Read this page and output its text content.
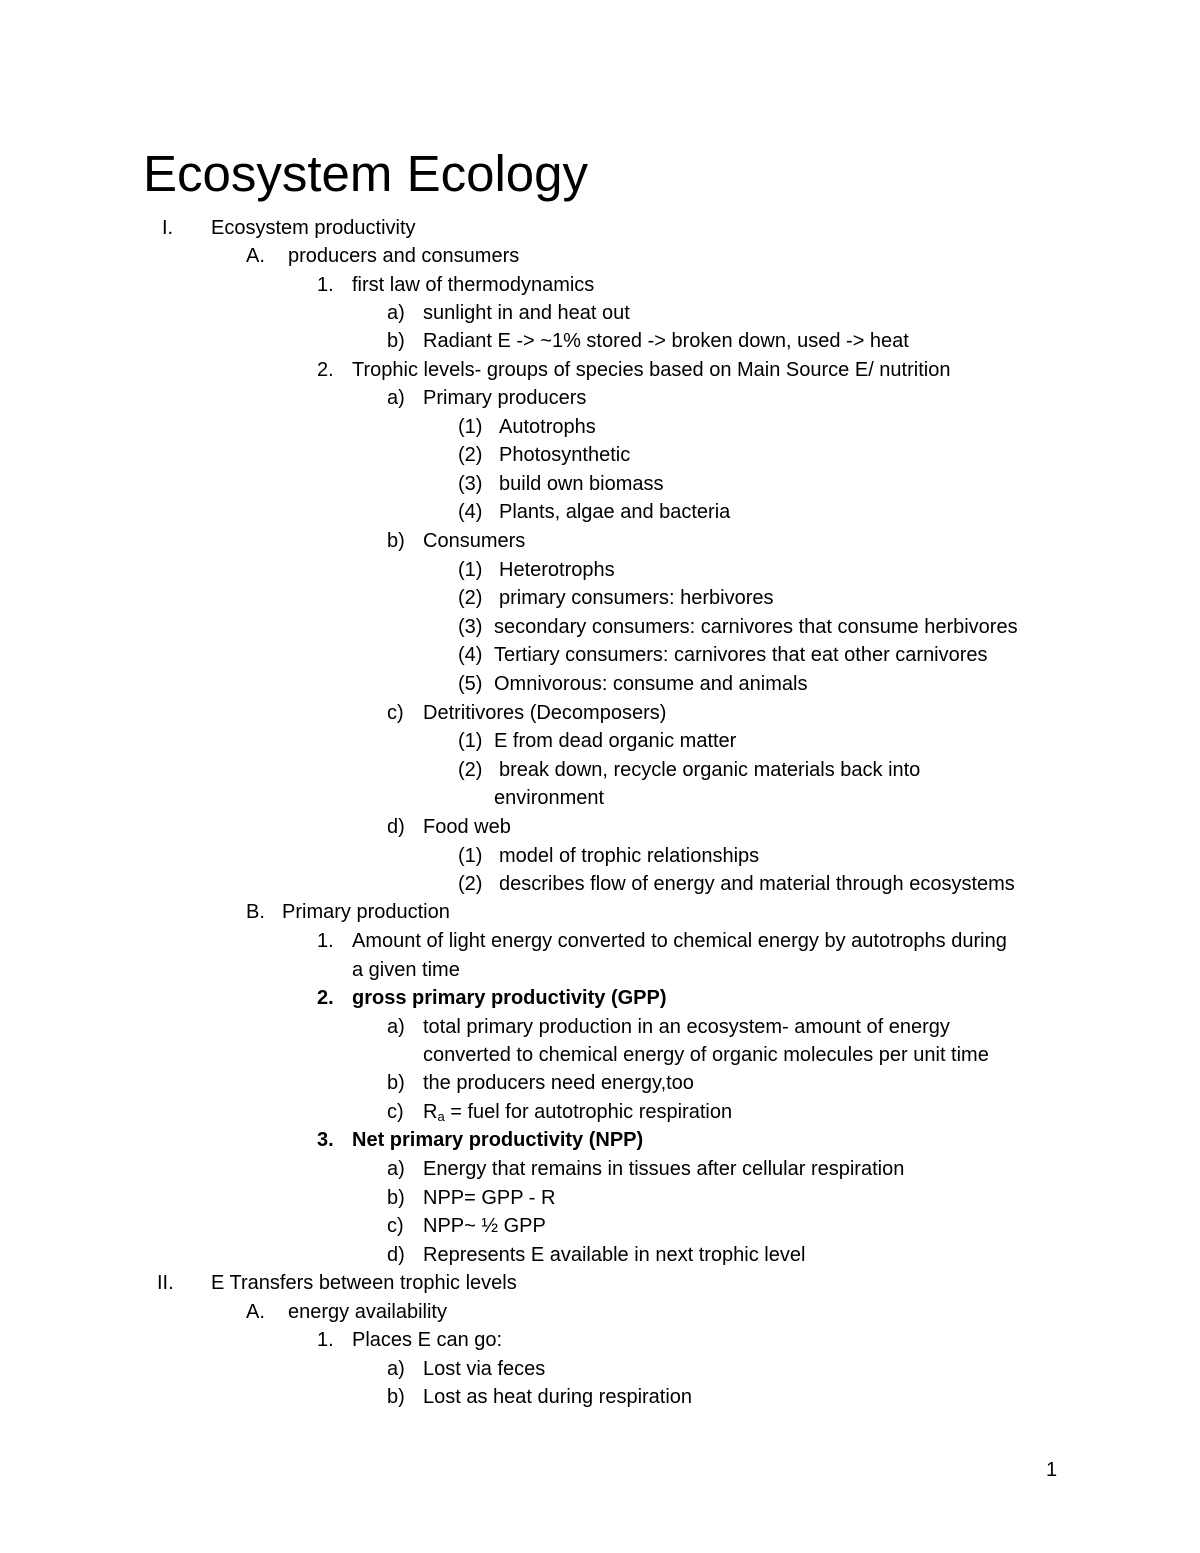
Ecosystem Ecology
I. Ecosystem productivity
A. producers and consumers
1. first law of thermodynamics
a) sunlight in and heat out
b) Radiant E -> ~1% stored -> broken down, used -> heat
2. Trophic levels- groups of species based on Main Source E/ nutrition
a) Primary producers
(1) Autotrophs
(2) Photosynthetic
(3) build own biomass
(4) Plants, algae and bacteria
b) Consumers
(1) Heterotrophs
(2) primary consumers: herbivores
(3) secondary consumers: carnivores that consume herbivores
(4) Tertiary consumers: carnivores that eat other carnivores
(5) Omnivorous: consume and animals
c) Detritivores (Decomposers)
(1) E from dead organic matter
(2) break down, recycle organic materials back into
environment
d) Food web
(1) model of trophic relationships
(2) describes flow of energy and material through ecosystems
B. Primary production
1. Amount of light energy converted to chemical energy by autotrophs during
a given time
2. gross primary productivity (GPP)
a) total primary production in an ecosystem- amount of energy
converted to chemical energy of organic molecules per unit time
b) the producers need energy,too
c) $R_a$ = fuel for autotrophic respiration
3. Net primary productivity (NPP)
a) Energy that remains in tissues after cellular respiration
b) NPP= GPP - R
c) NPP~ ½ GPP
d) Represents E available in next trophic level
II. E Transfers between trophic levels
A. energy availability
1. Places E can go:
a) Lost via feces
b) Lost as heat during respiration
1
